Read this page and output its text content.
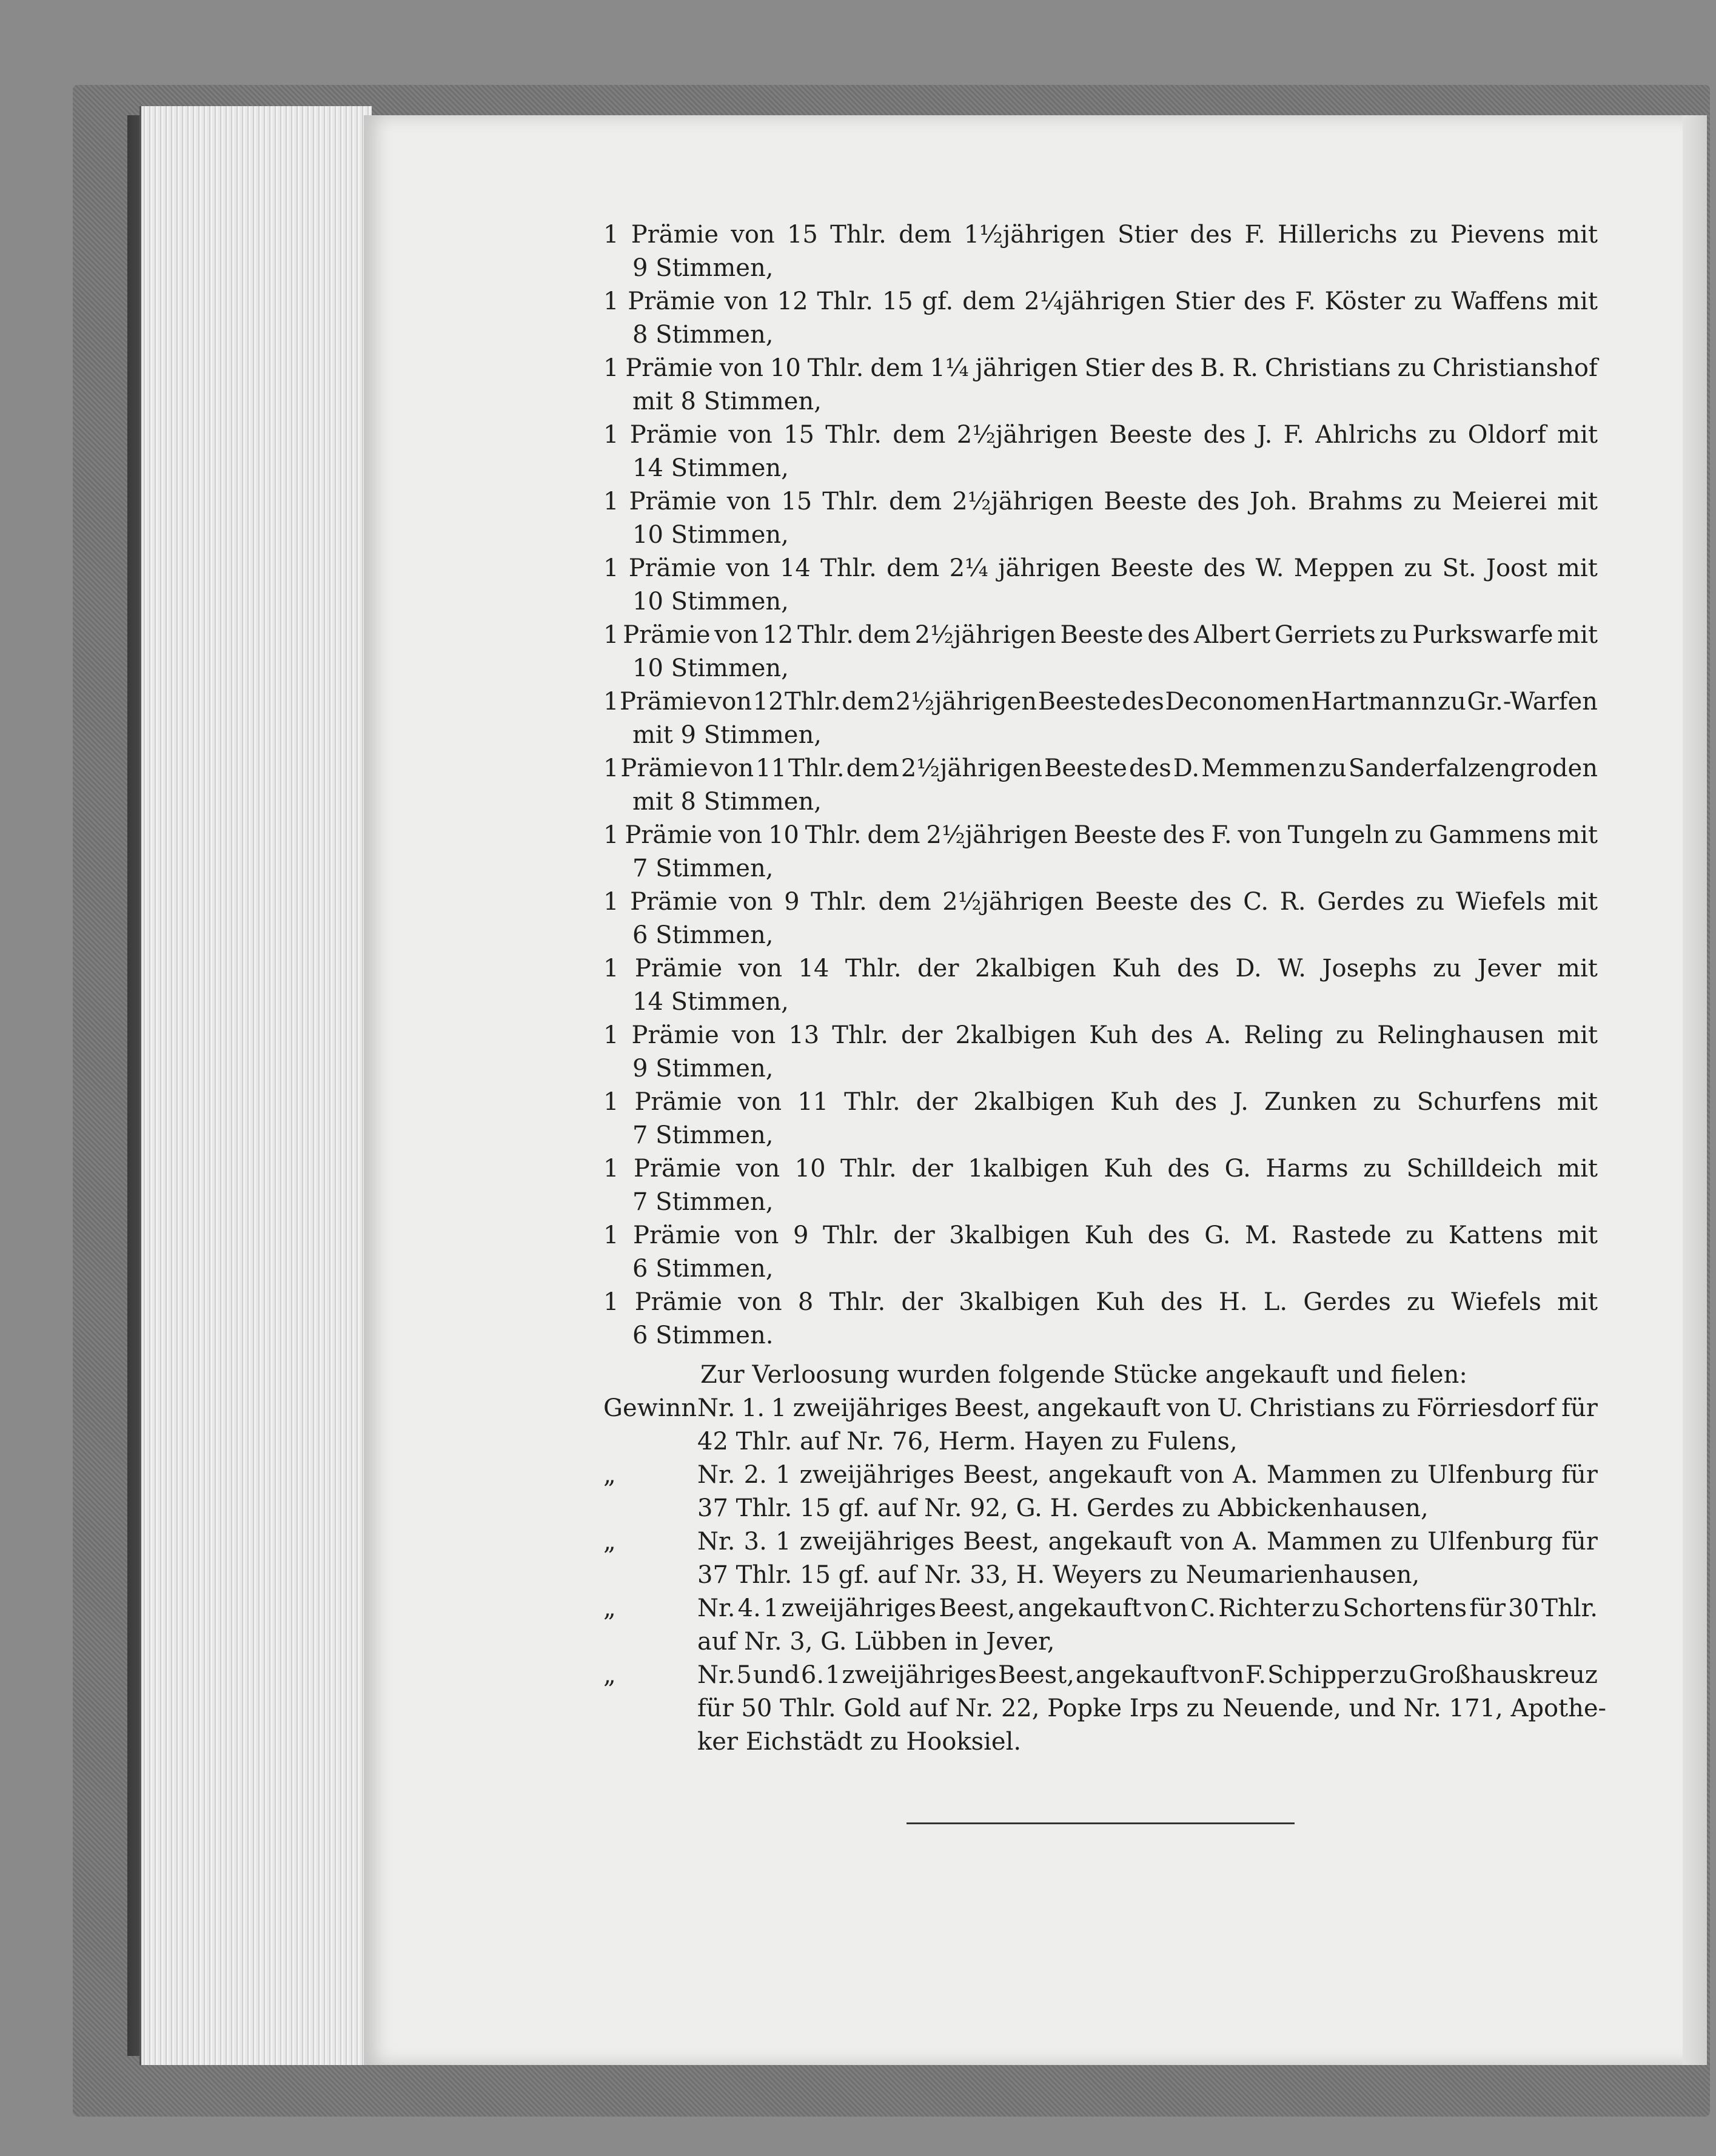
1 Prämie von 15 Thlr. dem 1½jährigen Stier des F. Hillerichs zu Pievens mit
9 Stimmen,
1 Prämie von 12 Thlr. 15 gf. dem 2¼jährigen Stier des F. Köster zu Waffens mit
8 Stimmen,
1 Prämie von 10 Thlr. dem 1¼ jährigen Stier des B. R. Christians zu Christianshof
mit 8 Stimmen,
1 Prämie von 15 Thlr. dem 2½jährigen Beeste des J. F. Ahlrichs zu Oldorf mit
14 Stimmen,
1 Prämie von 15 Thlr. dem 2½jährigen Beeste des Joh. Brahms zu Meierei mit
10 Stimmen,
1 Prämie von 14 Thlr. dem 2¼ jährigen Beeste des W. Meppen zu St. Joost mit
10 Stimmen,
1 Prämie von 12 Thlr. dem 2½jährigen Beeste des Albert Gerriets zu Purkswarfe mit
10 Stimmen,
1 Prämie von 12 Thlr. dem 2½jährigen Beeste des Deconomen Hartmann zu Gr.-Warfen
mit 9 Stimmen,
1 Prämie von 11 Thlr. dem 2½jährigen Beeste des D. Memmen zu Sanderfalzengroden
mit 8 Stimmen,
1 Prämie von 10 Thlr. dem 2½jährigen Beeste des F. von Tungeln zu Gammens mit
7 Stimmen,
1 Prämie von 9 Thlr. dem 2½jährigen Beeste des C. R. Gerdes zu Wiefels mit
6 Stimmen,
1 Prämie von 14 Thlr. der 2kalbigen Kuh des D. W. Josephs zu Jever mit
14 Stimmen,
1 Prämie von 13 Thlr. der 2kalbigen Kuh des A. Reling zu Relinghausen mit
9 Stimmen,
1 Prämie von 11 Thlr. der 2kalbigen Kuh des J. Zunken zu Schurfens mit
7 Stimmen,
1 Prämie von 10 Thlr. der 1kalbigen Kuh des G. Harms zu Schilldeich mit
7 Stimmen,
1 Prämie von 9 Thlr. der 3kalbigen Kuh des G. M. Rastede zu Kattens mit
6 Stimmen,
1 Prämie von 8 Thlr. der 3kalbigen Kuh des H. L. Gerdes zu Wiefels mit
6 Stimmen.
Zur Verloosung wurden folgende Stücke angekauft und fielen:
Gewinn Nr. 1. 1 zweijähriges Beest, angekauft von U. Christians zu Förriesdorf für
42 Thlr. auf Nr. 76, Herm. Hayen zu Fulens,
„	Nr. 2. 1 zweijähriges Beest, angekauft von A. Mammen zu Ulfenburg für
37 Thlr. 15 gf. auf Nr. 92, G. H. Gerdes zu Abbickenhausen,
„	Nr. 3. 1 zweijähriges Beest, angekauft von A. Mammen zu Ulfenburg für
37 Thlr. 15 gf. auf Nr. 33, H. Weyers zu Neumarienhausen,
„	Nr. 4. 1 zweijähriges Beest, angekauft von C. Richter zu Schortens für 30 Thlr.
auf Nr. 3, G. Lübben in Jever,
„	Nr. 5 und 6. 1 zweijähriges Beest, angekauft von F. Schipper zu Großhauskreuz
für 50 Thlr. Gold auf Nr. 22, Popke Irps zu Neuende, und Nr. 171, Apothe-
ker Eichstädt zu Hooksiel.
